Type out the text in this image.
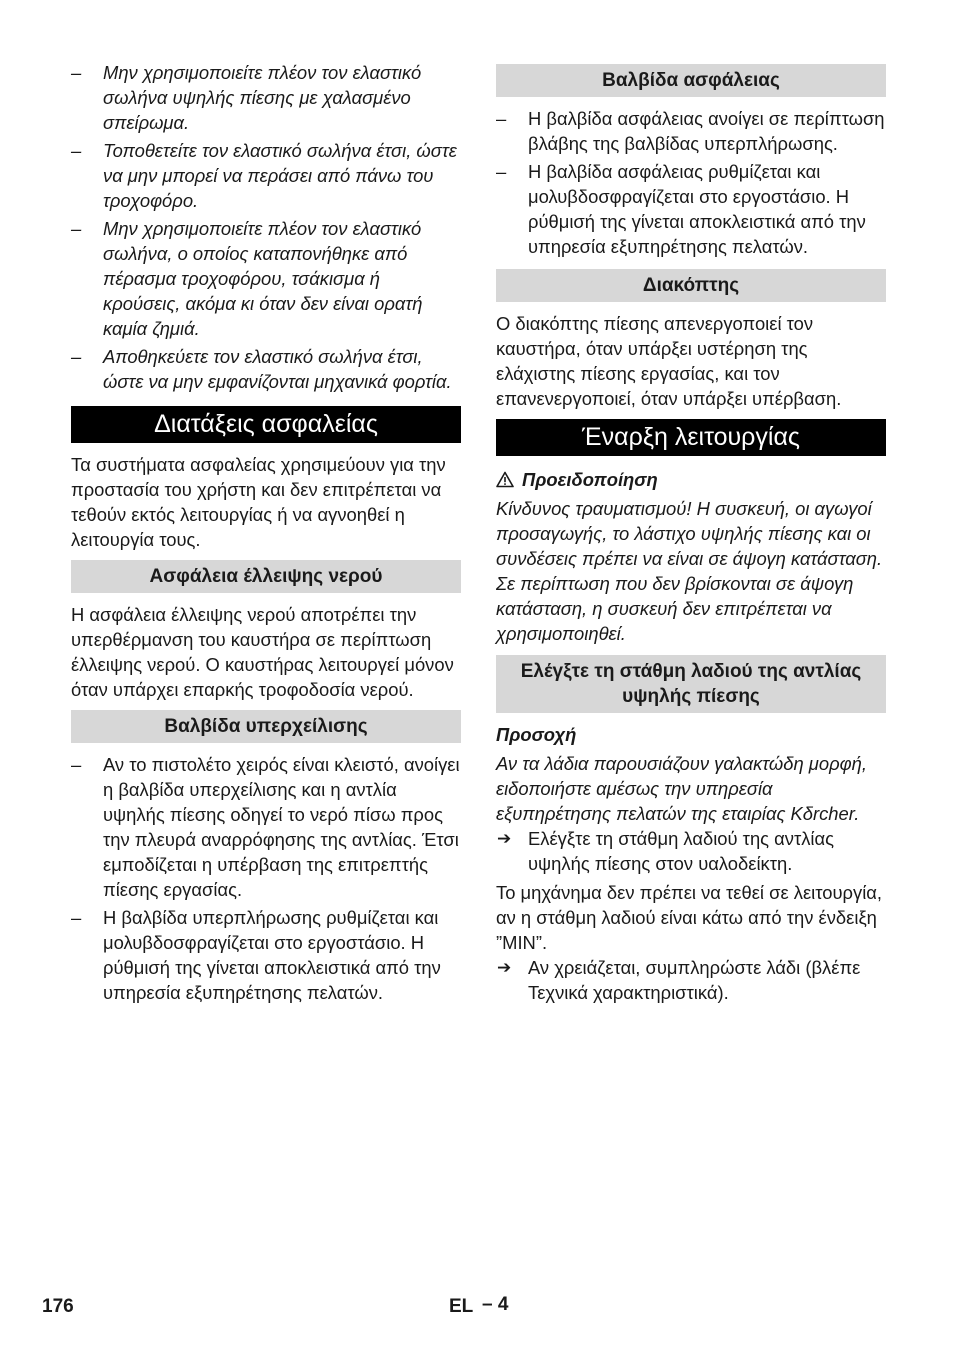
– Μην χρησιμοποιείτε πλέον τον ελαστικό σωλήνα υψηλής πίεσης με χαλασμένο σπείρωμα.
– Τοποθετείτε τον ελαστικό σωλήνα έτσι, ώστε να μην μπορεί να περάσει από πάνω του τροχοφόρο.
– Μην χρησιμοποιείτε πλέον τον ελαστικό σωλήνα, ο οποίος καταπονήθηκε από πέρασμα τροχοφόρου, τσάκισμα ή κρούσεις, ακόμα κι όταν δεν είναι ορατή καμία ζημιά.
– Αποθηκεύετε τον ελαστικό σωλήνα έτσι, ώστε να μην εμφανίζονται μηχανικά φορτία.
Διατάξεις ασφαλείας

Τα συστήματα ασφαλείας χρησιμεύουν για την προστασία του χρήστη και δεν επιτρέπεται να τεθούν εκτός λειτουργίας ή να αγνοηθεί η λειτουργία τους.

Ασφάλεια έλλειψης νερού

Η ασφάλεια έλλειψης νερού αποτρέπει την υπερθέρμανση του καυστήρα σε περίπτωση έλλειψης νερού. Ο καυστήρας λειτουργεί μόνον όταν υπάρχει επαρκής τροφοδοσία νερού.

Βαλβίδα υπερχείλισης
– Αν το πιστολέτο χειρός είναι κλειστό, ανοίγει η βαλβίδα υπερχείλισης και η αντλία υψηλής πίεσης οδηγεί το νερό πίσω προς την πλευρά αναρρόφησης της αντλίας. Έτσι εμποδίζεται η υπέρβαση της επιτρεπτής πίεσης εργασίας.
– Η βαλβίδα υπερπλήρωσης ρυθμίζεται και μολυβδοσφραγίζεται στο εργοστάσιο. Η ρύθμισή της γίνεται αποκλειστικά από την υπηρεσία εξυπηρέτησης πελατών.
Βαλβίδα ασφάλειας
– Η βαλβίδα ασφάλειας ανοίγει σε περίπτωση βλάβης της βαλβίδας υπερπλήρωσης.
– Η βαλβίδα ασφάλειας ρυθμίζεται και μολυβδοσφραγίζεται στο εργοστάσιο. Η ρύθμισή της γίνεται αποκλειστικά από την υπηρεσία εξυπηρέτησης πελατών.
Διακόπτης

Ο διακόπτης πίεσης απενεργοποιεί τον καυστήρα, όταν υπάρξει υστέρηση της ελάχιστης πίεσης εργασίας, και τον επανενεργοποιεί, όταν υπάρξει υπέρβαση.

Έναρξη λειτουργίας
Προειδοποίηση

Κίνδυνος τραυματισμού! Η συσκευή, οι αγωγοί προσαγωγής, το λάστιχο υψηλής πίεσης και οι συνδέσεις πρέπει να είναι σε άψογη κατάσταση. Σε περίπτωση που δεν βρίσκονται σε άψογη κατάσταση, η συσκευή δεν επιτρέπεται να χρησιμοποιηθεί.

Ελέγξτε τη στάθμη λαδιού της αντλίας υψηλής πίεσης
Προσοχή

Αν τα λάδια παρουσιάζουν γαλακτώδη μορφή, ειδοποιήστε αμέσως την υπηρεσία εξυπηρέτησης πελατών της εταιρίας Kδrcher.

➔ Ελέγξτε τη στάθμη λαδιού της αντλίας υψηλής πίεσης στον υαλοδείκτη.

Το μηχάνημα δεν πρέπει να τεθεί σε λειτουργία, αν η στάθμη λαδιού είναι κάτω από την ένδειξη ”MIN”.

➔ Αν χρειάζεται, συμπληρώστε λάδι (βλέπε Τεχνικά χαρακτηριστικά).
176	EL – 4
